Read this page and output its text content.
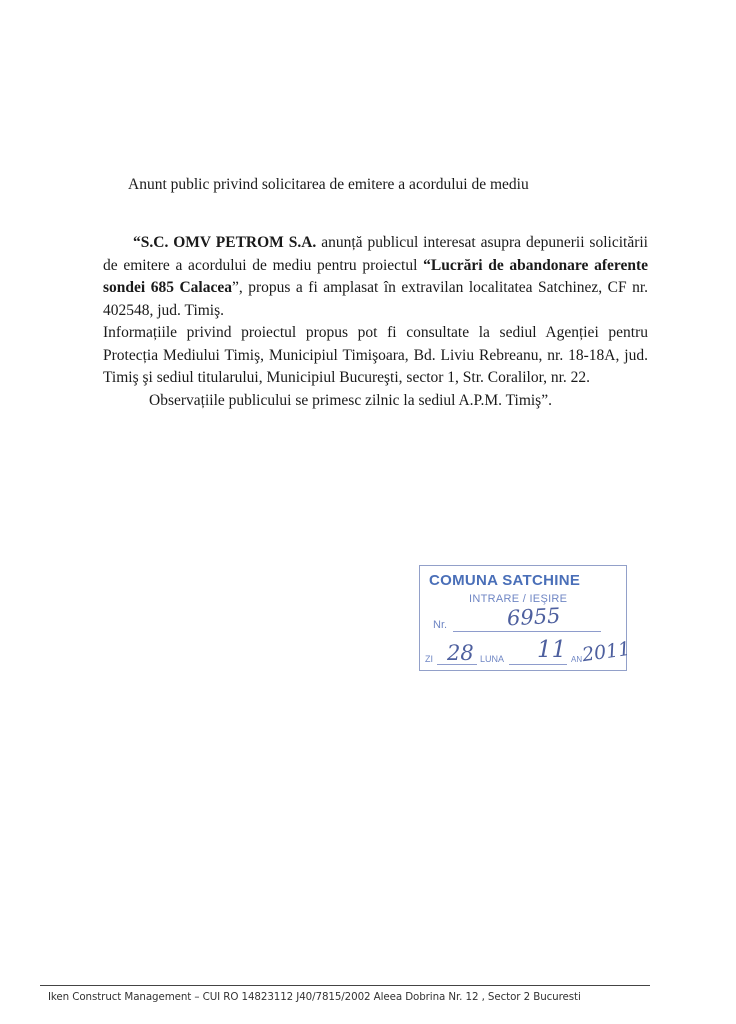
Anunt public privind solicitarea de emitere a acordului de mediu

“S.C. OMV PETROM S.A. anunță publicul interesat asupra depunerii solicitării de emitere a acordului de mediu pentru proiectul “Lucrări de abandonare aferente sondei 685 Calacea”, propus a fi amplasat în extravilan localitatea Satchinez, CF nr. 402548, jud. Timiş.

Informațiile privind proiectul propus pot fi consultate la sediul Agenției pentru Protecția Mediului Timiş, Municipiul Timişoara, Bd. Liviu Rebreanu, nr. 18-18A, jud. Timiş şi sediul titularului, Municipiul Bucureşti, sector 1, Str. Coralilor, nr. 22.

Observațiile publicului se primesc zilnic la sediul A.P.M. Timiş”.

COMUNA SATCHINE
INTRARE / IEŞIRE
Nr.	6955
ZI 28 LUNA 11 AN
2011
Iken Construct Management – CUI RO 14823112 J40/7815/2002 Aleea Dobrina Nr. 12 , Sector 2 Bucuresti
